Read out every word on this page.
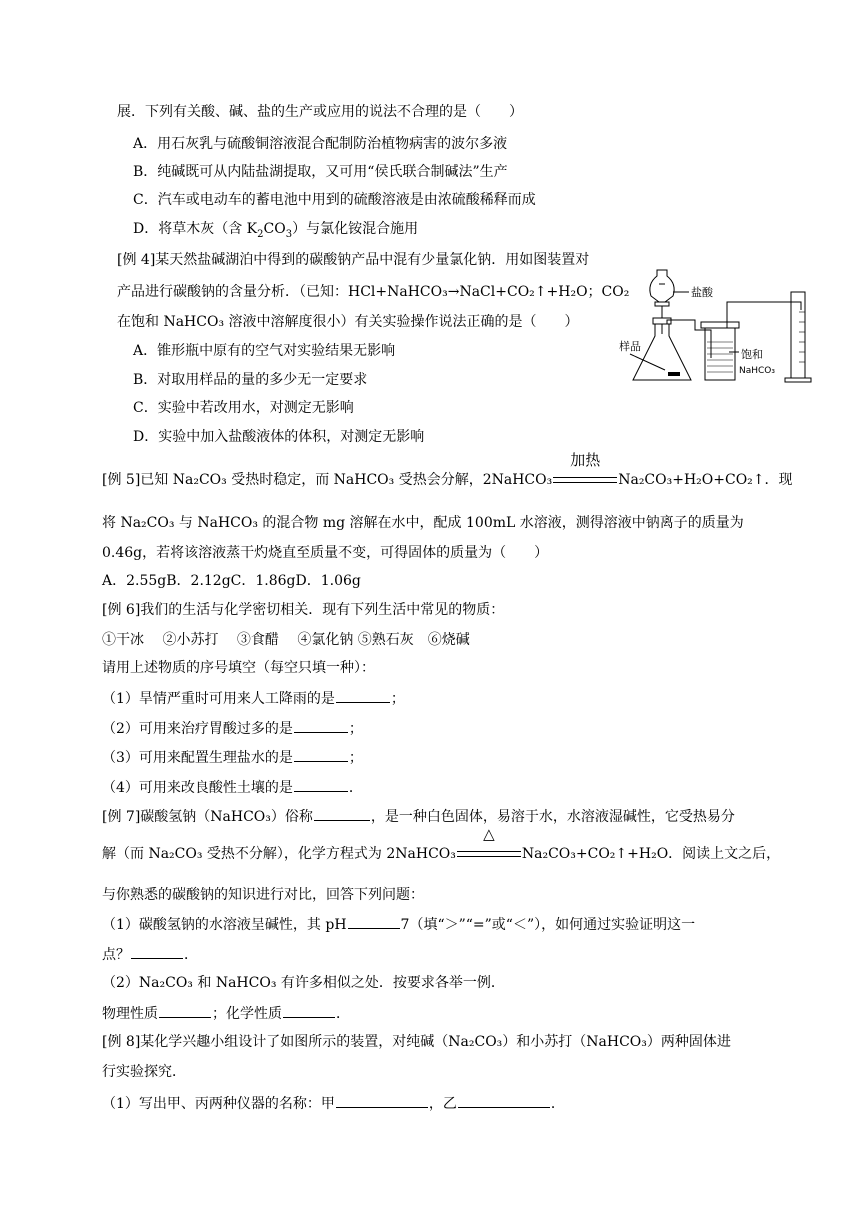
展．下列有关酸、碱、盐的生产或应用的说法不合理的是（　　）
A．用石灰乳与硫酸铜溶液混合配制防治植物病害的波尔多液
B．纯碱既可从内陆盐湖提取，又可用“侯氏联合制碱法”生产
C．汽车或电动车的蓄电池中用到的硫酸溶液是由浓硫酸稀释而成
D．将草木灰（含 $K_2CO_3$）与氯化铵混合施用
[例 4]某天然盐碱湖泊中得到的碳酸钠产品中混有少量氯化钠．用如图装置对
产品进行碳酸钠的含量分析．（已知：HCl+NaHCO₃→NaCl+CO₂↑+H₂O；CO₂
在饱和 NaHCO₃ 溶液中溶解度很小）有关实验操作说法正确的是（　　）
A．锥形瓶中原有的空气对实验结果无影响
B．对取用样品的量的多少无一定要求
C．实验中若改用水，对测定无影响
D．实验中加入盐酸液体的体积，对测定无影响
盐酸
样品
饱和
NaHCO₃
[例 5]已知 Na₂CO₃ 受热时稳定，而 NaHCO₃ 受热会分解，2NaHCO₃
加热
Na₂CO₃+H₂O+CO₂↑．现
将 Na₂CO₃ 与 NaHCO₃ 的混合物 mg 溶解在水中，配成 100mL 水溶液，测得溶液中钠离子的质量为
0.46g，若将该溶液蒸干灼烧直至质量不变，可得固体的质量为（　　）
A．2.55gB．2.12gC．1.86gD．1.06g
[例 6]我们的生活与化学密切相关．现有下列生活中常见的物质：
①干冰　 ②小苏打　 ③食醋　 ④氯化钠 ⑤熟石灰　⑥烧碱
请用上述物质的序号填空（每空只填一种）：
（1）旱情严重时可用来人工降雨的是	；
（2）可用来治疗胃酸过多的是	；
（3）可用来配置生理盐水的是	；
（4）可用来改良酸性土壤的是	．
[例 7]碳酸氢钠（NaHCO₃）俗称	，是一种白色固体，易溶于水，水溶液湿碱性，它受热易分
解（而 Na₂CO₃ 受热不分解），化学方程式为 2NaHCO₃
△
Na₂CO₃+CO₂↑+H₂O．阅读上文之后，
与你熟悉的碳酸钠的知识进行对比，回答下列问题：
（1）碳酸氢钠的水溶液呈碱性，其 pH	7（填“＞”“=”或“＜”），如何通过实验证明这一
点？	．
（2）Na₂CO₃ 和 NaHCO₃ 有许多相似之处．按要求各举一例．
物理性质	；化学性质	．
[例 8]某化学兴趣小组设计了如图所示的装置，对纯碱（Na₂CO₃）和小苏打（NaHCO₃）两种固体进
行实验探究．
（1）写出甲、丙两种仪器的名称：甲	，乙	．
